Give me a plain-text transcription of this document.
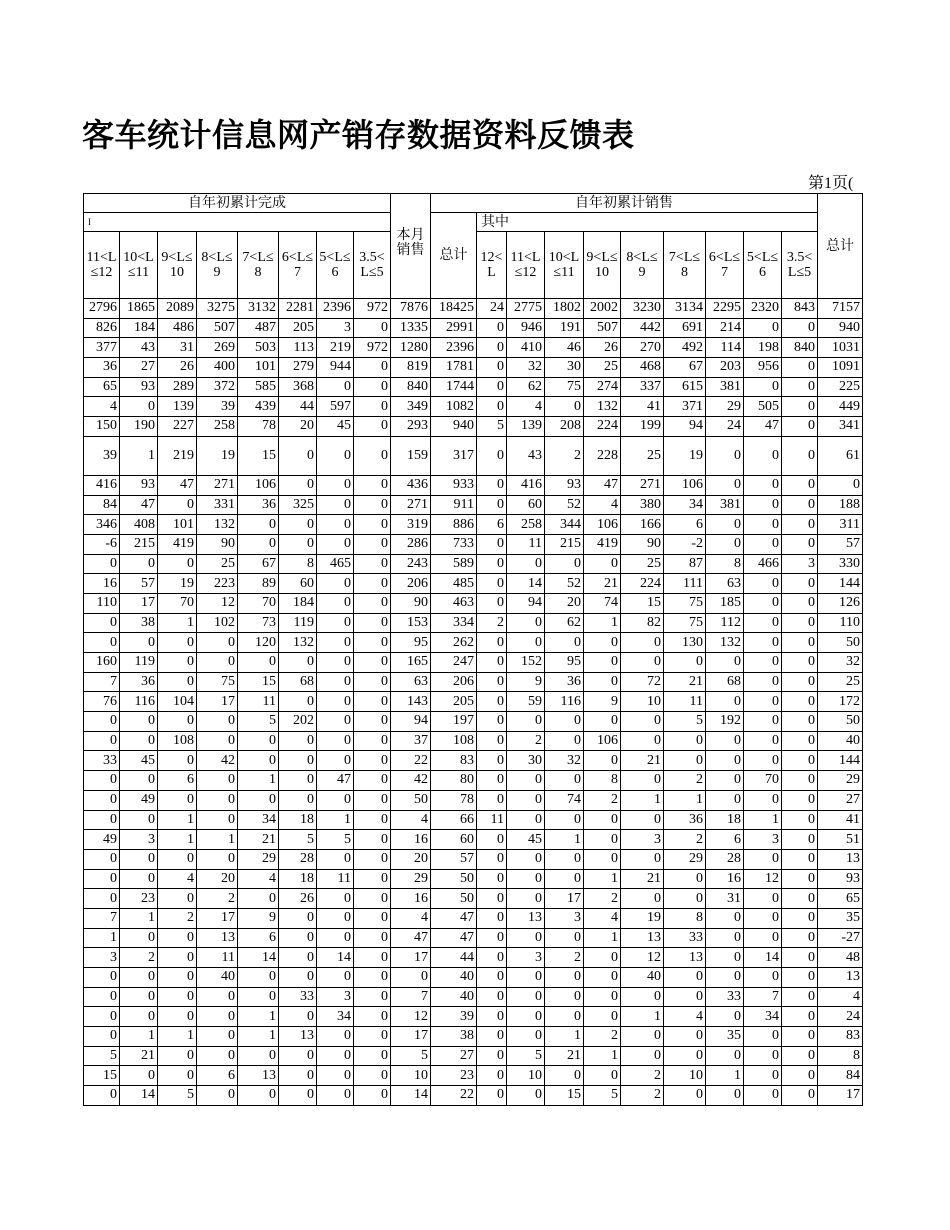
客车统计信息网产销存数据资料反馈表
第1页(
自年初累计完成								本月销售	自年初累计销售										总计
I									总计	其中									
11<L≤12	10<L≤11	9<L≤10	8<L≤9	7<L≤8	6<L≤7	5<L≤6	3.5<L≤5			12<L	11<L≤12	10<L≤11	9<L≤10	8<L≤9	7<L≤8	6<L≤7	5<L≤6	3.5<L≤5	
2796	1865	2089	3275	3132	2281	2396	972	7876	18425	24	2775	1802	2002	3230	3134	2295	2320	843	7157
826	184	486	507	487	205	3	0	1335	2991	0	946	191	507	442	691	214	0	0	940
377	43	31	269	503	113	219	972	1280	2396	0	410	46	26	270	492	114	198	840	1031
36	27	26	400	101	279	944	0	819	1781	0	32	30	25	468	67	203	956	0	1091
65	93	289	372	585	368	0	0	840	1744	0	62	75	274	337	615	381	0	0	225
4	0	139	39	439	44	597	0	349	1082	0	4	0	132	41	371	29	505	0	449
150	190	227	258	78	20	45	0	293	940	5	139	208	224	199	94	24	47	0	341
39	1	219	19	15	0	0	0	159	317	0	43	2	228	25	19	0	0	0	61
416	93	47	271	106	0	0	0	436	933	0	416	93	47	271	106	0	0	0	0
84	47	0	331	36	325	0	0	271	911	0	60	52	4	380	34	381	0	0	188
346	408	101	132	0	0	0	0	319	886	6	258	344	106	166	6	0	0	0	311
-6	215	419	90	0	0	0	0	286	733	0	11	215	419	90	-2	0	0	0	57
0	0	0	25	67	8	465	0	243	589	0	0	0	0	25	87	8	466	3	330
16	57	19	223	89	60	0	0	206	485	0	14	52	21	224	111	63	0	0	144
110	17	70	12	70	184	0	0	90	463	0	94	20	74	15	75	185	0	0	126
0	38	1	102	73	119	0	0	153	334	2	0	62	1	82	75	112	0	0	110
0	0	0	0	120	132	0	0	95	262	0	0	0	0	0	130	132	0	0	50
160	119	0	0	0	0	0	0	165	247	0	152	95	0	0	0	0	0	0	32
7	36	0	75	15	68	0	0	63	206	0	9	36	0	72	21	68	0	0	25
76	116	104	17	11	0	0	0	143	205	0	59	116	9	10	11	0	0	0	172
0	0	0	0	5	202	0	0	94	197	0	0	0	0	0	5	192	0	0	50
0	0	108	0	0	0	0	0	37	108	0	2	0	106	0	0	0	0	0	40
33	45	0	42	0	0	0	0	22	83	0	30	32	0	21	0	0	0	0	144
0	0	6	0	1	0	47	0	42	80	0	0	0	8	0	2	0	70	0	29
0	49	0	0	0	0	0	0	50	78	0	0	74	2	1	1	0	0	0	27
0	0	1	0	34	18	1	0	4	66	11	0	0	0	0	36	18	1	0	41
49	3	1	1	21	5	5	0	16	60	0	45	1	0	3	2	6	3	0	51
0	0	0	0	29	28	0	0	20	57	0	0	0	0	0	29	28	0	0	13
0	0	4	20	4	18	11	0	29	50	0	0	0	1	21	0	16	12	0	93
0	23	0	2	0	26	0	0	16	50	0	0	17	2	0	0	31	0	0	65
7	1	2	17	9	0	0	0	4	47	0	13	3	4	19	8	0	0	0	35
1	0	0	13	6	0	0	0	47	47	0	0	0	1	13	33	0	0	0	-27
3	2	0	11	14	0	14	0	17	44	0	3	2	0	12	13	0	14	0	48
0	0	0	40	0	0	0	0	0	40	0	0	0	0	40	0	0	0	0	13
0	0	0	0	0	33	3	0	7	40	0	0	0	0	0	0	33	7	0	4
0	0	0	0	1	0	34	0	12	39	0	0	0	0	1	4	0	34	0	24
0	1	1	0	1	13	0	0	17	38	0	0	1	2	0	0	35	0	0	83
5	21	0	0	0	0	0	0	5	27	0	5	21	1	0	0	0	0	0	8
15	0	0	6	13	0	0	0	10	23	0	10	0	0	2	10	1	0	0	84
0	14	5	0	0	0	0	0	14	22	0	0	15	5	2	0	0	0	0	17
